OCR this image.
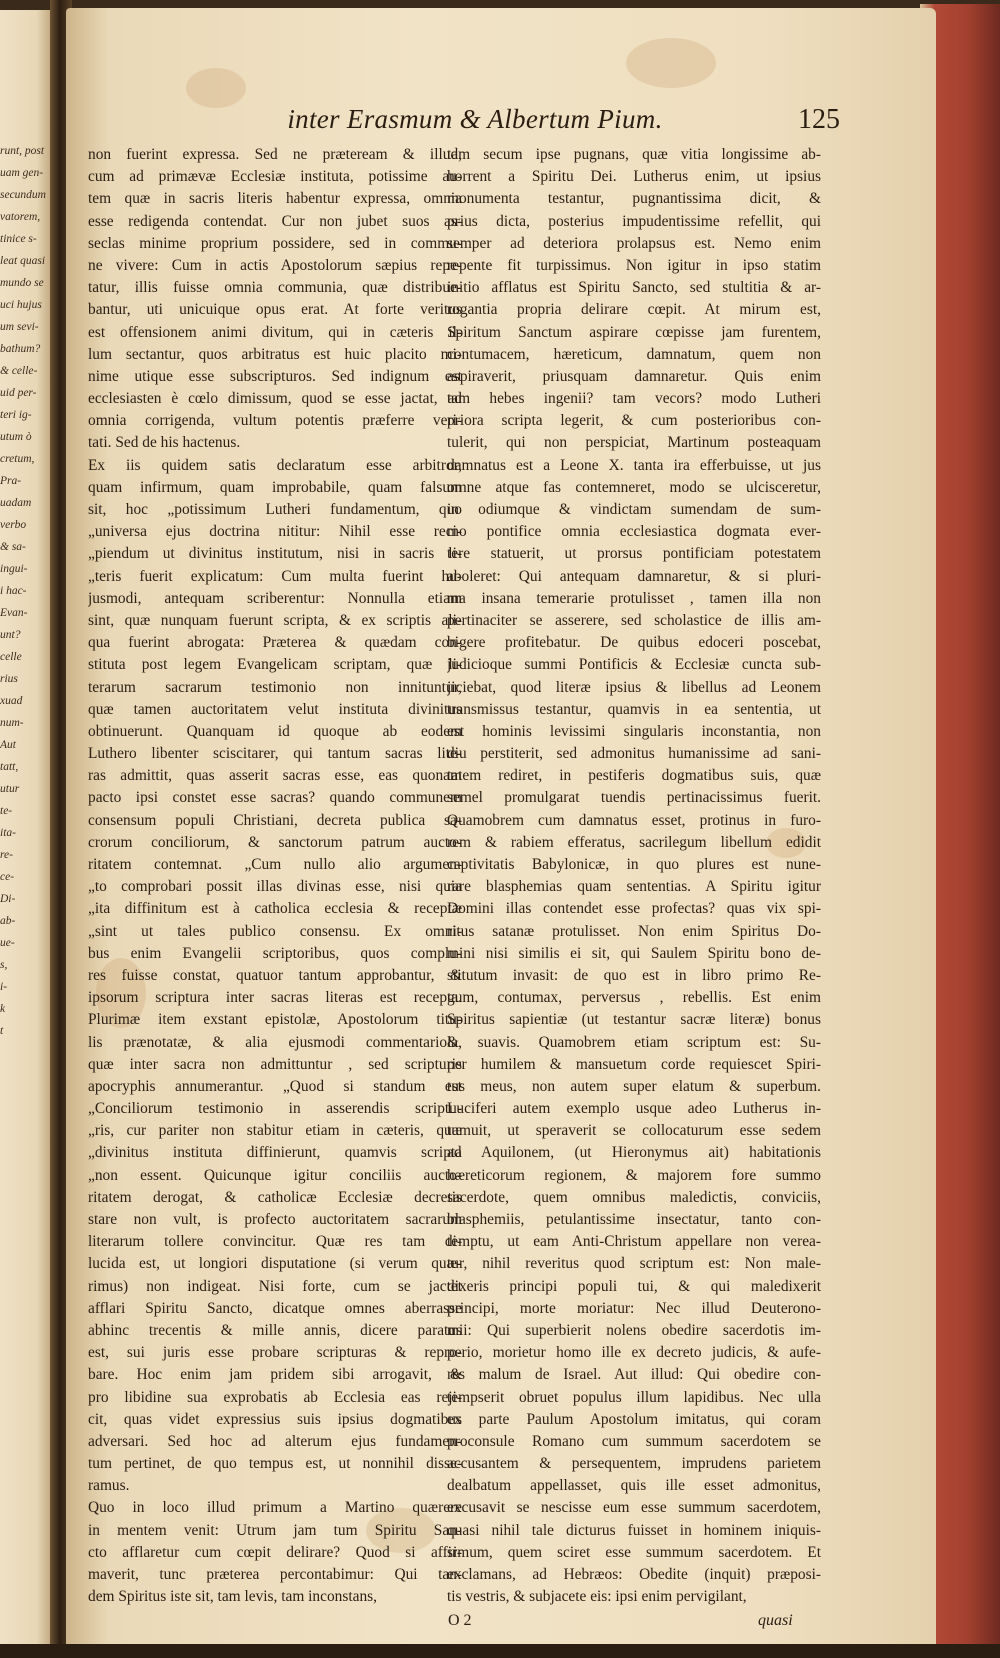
runt, post
uam gen-
secundum
vatorem,
tinice s-
leat quasi
mundo se
uci hujus
um sevi-
bathum?
& celle-
uid per-
teri ig-
utum ò
cretum,
Pra-
uadam
verbo
& sa-
ingui-
i hac-
Evan-
unt?
celle
rius
xuad
num-
Aut
tatt,
utur
te-
ita-
re-
ce-
Di-
ab-
ue-
s,
i-
k
t
inter Erasmum & Albertum Pium.	125
non fuerint expressa. Sed ne præteream & illud,
cum ad primævæ Ecclesiæ instituta, potissime au-
tem quæ in sacris literis habentur expressa, omnia
esse redigenda contendat. Cur non jubet suos as-
seclas minime proprium possidere, sed in commu-
ne vivere: Cum in actis Apostolorum sæpius repe-
tatur, illis fuisse omnia communia, quæ distribue-
bantur, uti unicuique opus erat. At forte veritus
est offensionem animi divitum, qui in cæteris il-
lum sectantur, quos arbitratus est huic placito mi-
nime utique esse subscripturos. Sed indignum est
ecclesiasten è cœlo dimissum, quod se esse jactat, ad
omnia corrigenda, vultum potentis præferre veri-
tati. Sed de his hactenus.
Ex iis quidem satis declaratum esse arbitror,
quam infirmum, quam improbabile, quam falsum
sit, hoc „potissimum Lutheri fundamentum, quo
„universa ejus doctrina nititur: Nihil esse reci-
„piendum ut divinitus institutum, nisi in sacris li-
„teris fuerit explicatum: Cum multa fuerint hu-
jusmodi, antequam scriberentur: Nonnulla etiam
sint, quæ nunquam fuerunt scripta, & ex scriptis ali-
qua fuerint abrogata: Præterea & quædam con-
stituta post legem Evangelicam scriptam, quæ li-
terarum sacrarum testimonio non innituntur,
quæ tamen auctoritatem velut instituta divinitus
obtinuerunt. Quanquam id quoque ab eodem
Luthero libenter sciscitarer, qui tantum sacras lite-
ras admittit, quas asserit sacras esse, eas quonam
pacto ipsi constet esse sacras? quando communem
consensum populi Christiani, decreta publica sa-
crorum conciliorum, & sanctorum patrum aucto-
ritatem contemnat. „Cum nullo alio argumen-
„to comprobari possit illas divinas esse, nisi quia
„ita diffinitum est à catholica ecclesia & receptæ
„sint ut tales publico consensu. Ex omni-
bus enim Evangelii scriptoribus, quos complu-
res fuisse constat, quatuor tantum approbantur, &
ipsorum scriptura inter sacras literas est recepta.
Plurimæ item exstant epistolæ, Apostolorum titu-
lis prænotatæ, & alia ejusmodi commentariola,
quæ inter sacra non admittuntur , sed scripturis
apocryphis annumerantur. „Quod si standum est
„Conciliorum testimonio in asserendis scriptu-
„ris, cur pariter non stabitur etiam in cæteris, quæ
„divinitus instituta diffinierunt, quamvis scripta
„non essent. Quicunque igitur conciliis aucto-
ritatem derogat, & catholicæ Ecclesiæ decretis
stare non vult, is profecto auctoritatem sacrarum
literarum tollere convincitur. Quæ res tam di-
lucida est, ut longiori disputatione (si verum quæ-
rimus) non indigeat. Nisi forte, cum se jactet
afflari Spiritu Sancto, dicatque omnes aberrasse
abhinc trecentis & mille annis, dicere paratus
est, sui juris esse probare scripturas & repro-
bare. Hoc enim jam pridem sibi arrogavit, &
pro libidine sua exprobatis ab Ecclesia eas reji-
cit, quas videt expressius suis ipsius dogmatibus
adversari. Sed hoc ad alterum ejus fundamen-
tum pertinet, de quo tempus est, ut nonnihil disse-
ramus.
Quo in loco illud primum a Martino quærere
in mentem venit: Utrum jam tum Spiritu San-
cto afflaretur cum cœpit delirare? Quod si affir-
maverit, tunc præterea percontabimur: Qui tan-
dem Spiritus iste sit, tam levis, tam inconstans,
tam secum ipse pugnans, quæ vitia longissime ab-
horrent a Spiritu Dei. Lutherus enim, ut ipsius
monumenta testantur, pugnantissima dicit, &
prius dicta, posterius impudentissime refellit, qui
semper ad deteriora prolapsus est. Nemo enim
repente fit turpissimus. Non igitur in ipso statim
initio afflatus est Spiritu Sancto, sed stultitia & ar-
rogantia propria delirare cœpit. At mirum est,
Spiritum Sanctum aspirare cœpisse jam furentem,
contumacem, hæreticum, damnatum, quem non
aspiraverit, priusquam damnaretur. Quis enim
tam hebes ingenii? tam vecors? modo Lutheri
priora scripta legerit, & cum posterioribus con-
tulerit, qui non perspiciat, Martinum posteaquam
damnatus est a Leone X. tanta ira efferbuisse, ut jus
omne atque fas contemneret, modo se ulcisceretur,
in odiumque & vindictam sumendam de sum-
mo pontifice omnia ecclesiastica dogmata ever-
tere statuerit, ut prorsus pontificiam potestatem
aboleret: Qui antequam damnaretur, & si pluri-
ma insana temerarie protulisset , tamen illa non
pertinaciter se asserere, sed scholastice de illis am-
bigere profitebatur. De quibus edoceri poscebat,
judicioque summi Pontificis & Ecclesiæ cuncta sub-
jiciebat, quod literæ ipsius & libellus ad Leonem
transmissus testantur, quamvis in ea sententia, ut
est hominis levissimi singularis inconstantia, non
diu perstiterit, sed admonitus humanissime ad sani-
tatem rediret, in pestiferis dogmatibus suis, quæ
semel promulgarat tuendis pertinacissimus fuerit.
Quamobrem cum damnatus esset, protinus in furo-
rem & rabiem efferatus, sacrilegum libellum edidit
captivitatis Babylonicæ, in quo plures est nune-
rare blasphemias quam sententias. A Spiritu igitur
Domini illas contendet esse profectas? quas vix spi-
ritus satanæ protulisset. Non enim Spiritus Do-
mini nisi similis ei sit, qui Saulem Spiritu bono de-
stitutum invasit: de quo est in libro primo Re-
gum, contumax, perversus , rebellis. Est enim
Spiritus sapientiæ (ut testantur sacræ literæ) bonus
& suavis. Quamobrem etiam scriptum est: Su-
per humilem & mansuetum corde requiescet Spiri-
tus meus, non autem super elatum & superbum.
Luciferi autem exemplo usque adeo Lutherus in-
tumuit, ut speraverit se collocaturum esse sedem
ad Aquilonem, (ut Hieronymus ait) habitationis
hæreticorum regionem, & majorem fore summo
sacerdote, quem omnibus maledictis, conviciis,
blasphemiis, petulantissime insectatur, tanto con-
temptu, ut eam Anti-Christum appellare non verea-
tur, nihil reveritus quod scriptum est: Non male-
dixeris principi populi tui, & qui maledixerit
principi, morte moriatur: Nec illud Deuterono-
mii: Qui superbierit nolens obedire sacerdotis im-
perio, morietur homo ille ex decreto judicis, & aufe-
res malum de Israel. Aut illud: Qui obedire con-
tempserit obruet populus illum lapidibus. Nec ulla
ex parte Paulum Apostolum imitatus, qui coram
proconsule Romano cum summum sacerdotem se
accusantem & persequentem, imprudens parietem
dealbatum appellasset, quis ille esset admonitus,
excusavit se nescisse eum esse summum sacerdotem,
quasi nihil tale dicturus fuisset in hominem iniquis-
simum, quem sciret esse summum sacerdotem. Et
exclamans, ad Hebræos: Obedite (inquit) præposi-
tis vestris, & subjacete eis: ipsi enim pervigilant,
O 2	quasi
